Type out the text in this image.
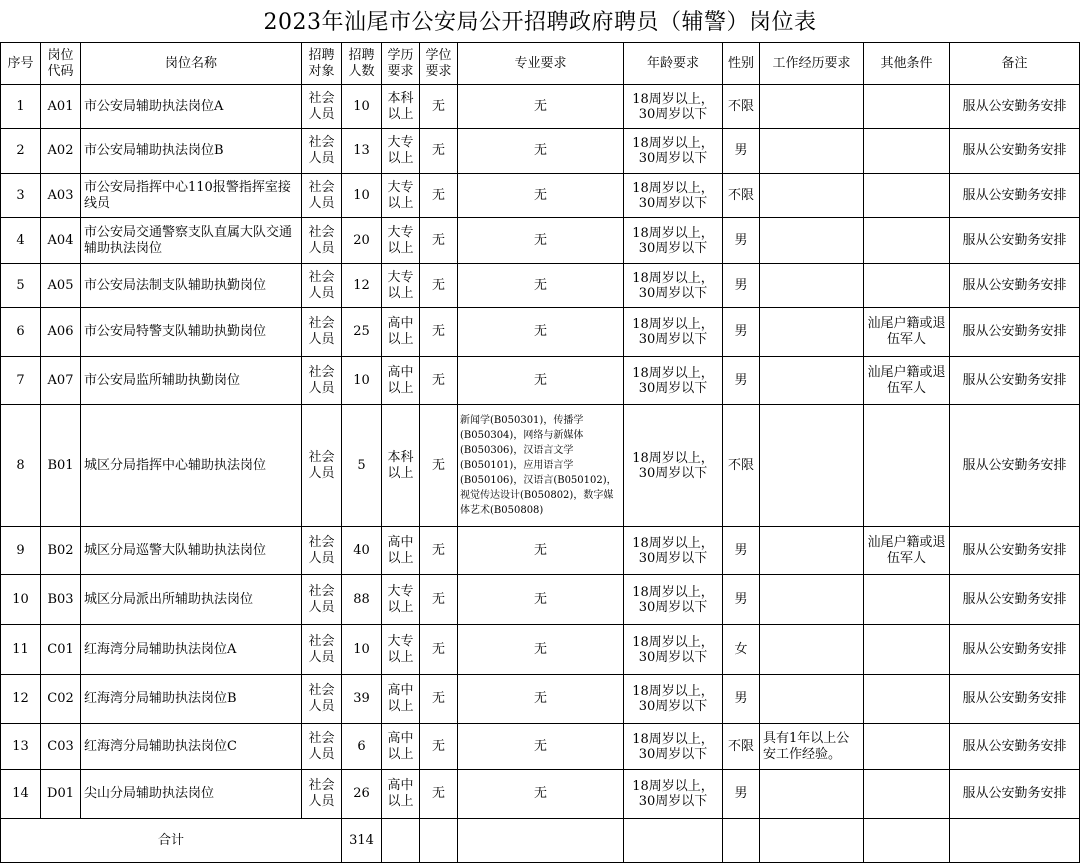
2023年汕尾市公安局公开招聘政府聘员（辅警）岗位表
序号	岗位代码	岗位名称	招聘对象	招聘人数	学历要求	学位要求	专业要求	年龄要求	性别	工作经历要求	其他条件	备注
1	A01	市公安局辅助执法岗位A	社会人员	10	本科以上	无	无	18周岁以上，30周岁以下	不限			服从公安勤务安排
2	A02	市公安局辅助执法岗位B	社会人员	13	大专以上	无	无	18周岁以上，30周岁以下	男			服从公安勤务安排
3	A03	市公安局指挥中心110报警指挥室接线员	社会人员	10	大专以上	无	无	18周岁以上，30周岁以下	不限			服从公安勤务安排
4	A04	市公安局交通警察支队直属大队交通辅助执法岗位	社会人员	20	大专以上	无	无	18周岁以上，30周岁以下	男			服从公安勤务安排
5	A05	市公安局法制支队辅助执勤岗位	社会人员	12	大专以上	无	无	18周岁以上，30周岁以下	男			服从公安勤务安排
6	A06	市公安局特警支队辅助执勤岗位	社会人员	25	高中以上	无	无	18周岁以上，30周岁以下	男		汕尾户籍或退伍军人	服从公安勤务安排
7	A07	市公安局监所辅助执勤岗位	社会人员	10	高中以上	无	无	18周岁以上，30周岁以下	男		汕尾户籍或退伍军人	服从公安勤务安排
8	B01	城区分局指挥中心辅助执法岗位	社会人员	5	本科以上	无	新闻学(B050301)，传播学(B050304)，网络与新媒体(B050306)，汉语言文学(B050101)，应用语言学(B050106)，汉语言(B050102)，视觉传达设计(B050802)，数字媒体艺术(B050808)	18周岁以上，30周岁以下	不限			服从公安勤务安排
9	B02	城区分局巡警大队辅助执法岗位	社会人员	40	高中以上	无	无	18周岁以上，30周岁以下	男		汕尾户籍或退伍军人	服从公安勤务安排
10	B03	城区分局派出所辅助执法岗位	社会人员	88	大专以上	无	无	18周岁以上，30周岁以下	男			服从公安勤务安排
11	C01	红海湾分局辅助执法岗位A	社会人员	10	大专以上	无	无	18周岁以上，30周岁以下	女			服从公安勤务安排
12	C02	红海湾分局辅助执法岗位B	社会人员	39	高中以上	无	无	18周岁以上，30周岁以下	男			服从公安勤务安排
13	C03	红海湾分局辅助执法岗位C	社会人员	6	高中以上	无	无	18周岁以上，30周岁以下	不限	具有1年以上公安工作经验。		服从公安勤务安排
14	D01	尖山分局辅助执法岗位	社会人员	26	高中以上	无	无	18周岁以上，30周岁以下	男			服从公安勤务安排
合计				314								
